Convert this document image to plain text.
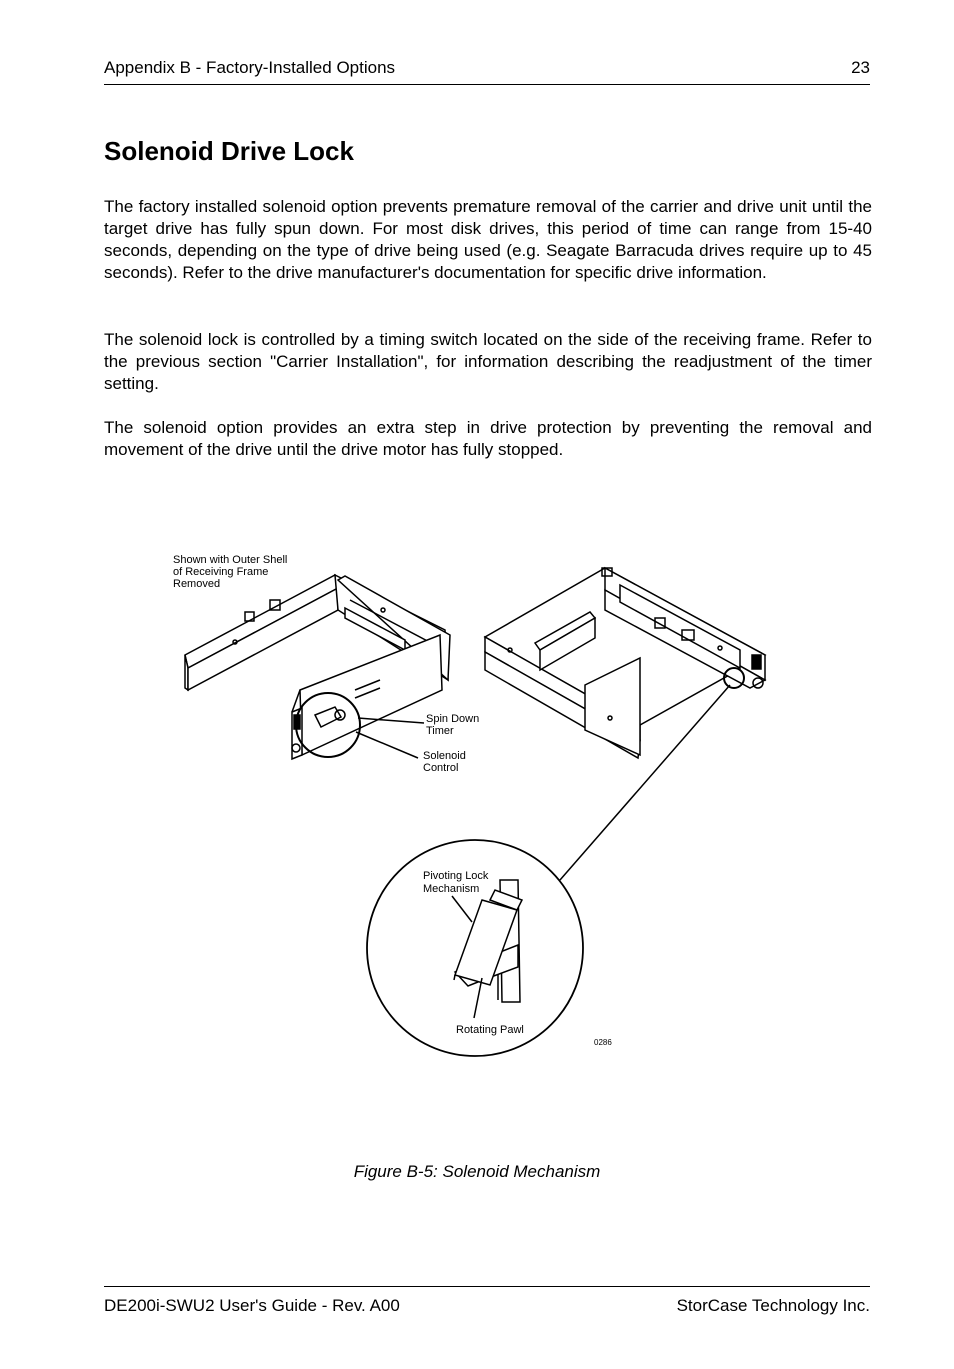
Appendix B - Factory-Installed Options	23
Solenoid Drive Lock

The factory installed solenoid option prevents premature removal of the carrier and drive unit until the target drive has fully spun down. For most disk drives, this period of time can range from 15-40 seconds, depending on the type of drive being used (e.g. Seagate Barracuda drives require up to 45 seconds). Refer to the drive manufacturer's documentation for specific drive information.

The solenoid lock is controlled by a timing switch located on the side of the receiving frame. Refer to the previous section "Carrier Installation", for information describing the readjustment of the timer setting.

The solenoid option provides an extra step in drive protection by preventing the removal and movement of the drive until the drive motor has fully stopped.

Shown with Outer Shell
of Receiving Frame
Removed
Spin Down
Timer
Solenoid
Control
Pivoting Lock
Mechanism
Rotating Pawl
0286
Figure B-5: Solenoid Mechanism
DE200i-SWU2 User's Guide - Rev. A00	StorCase Technology Inc.
